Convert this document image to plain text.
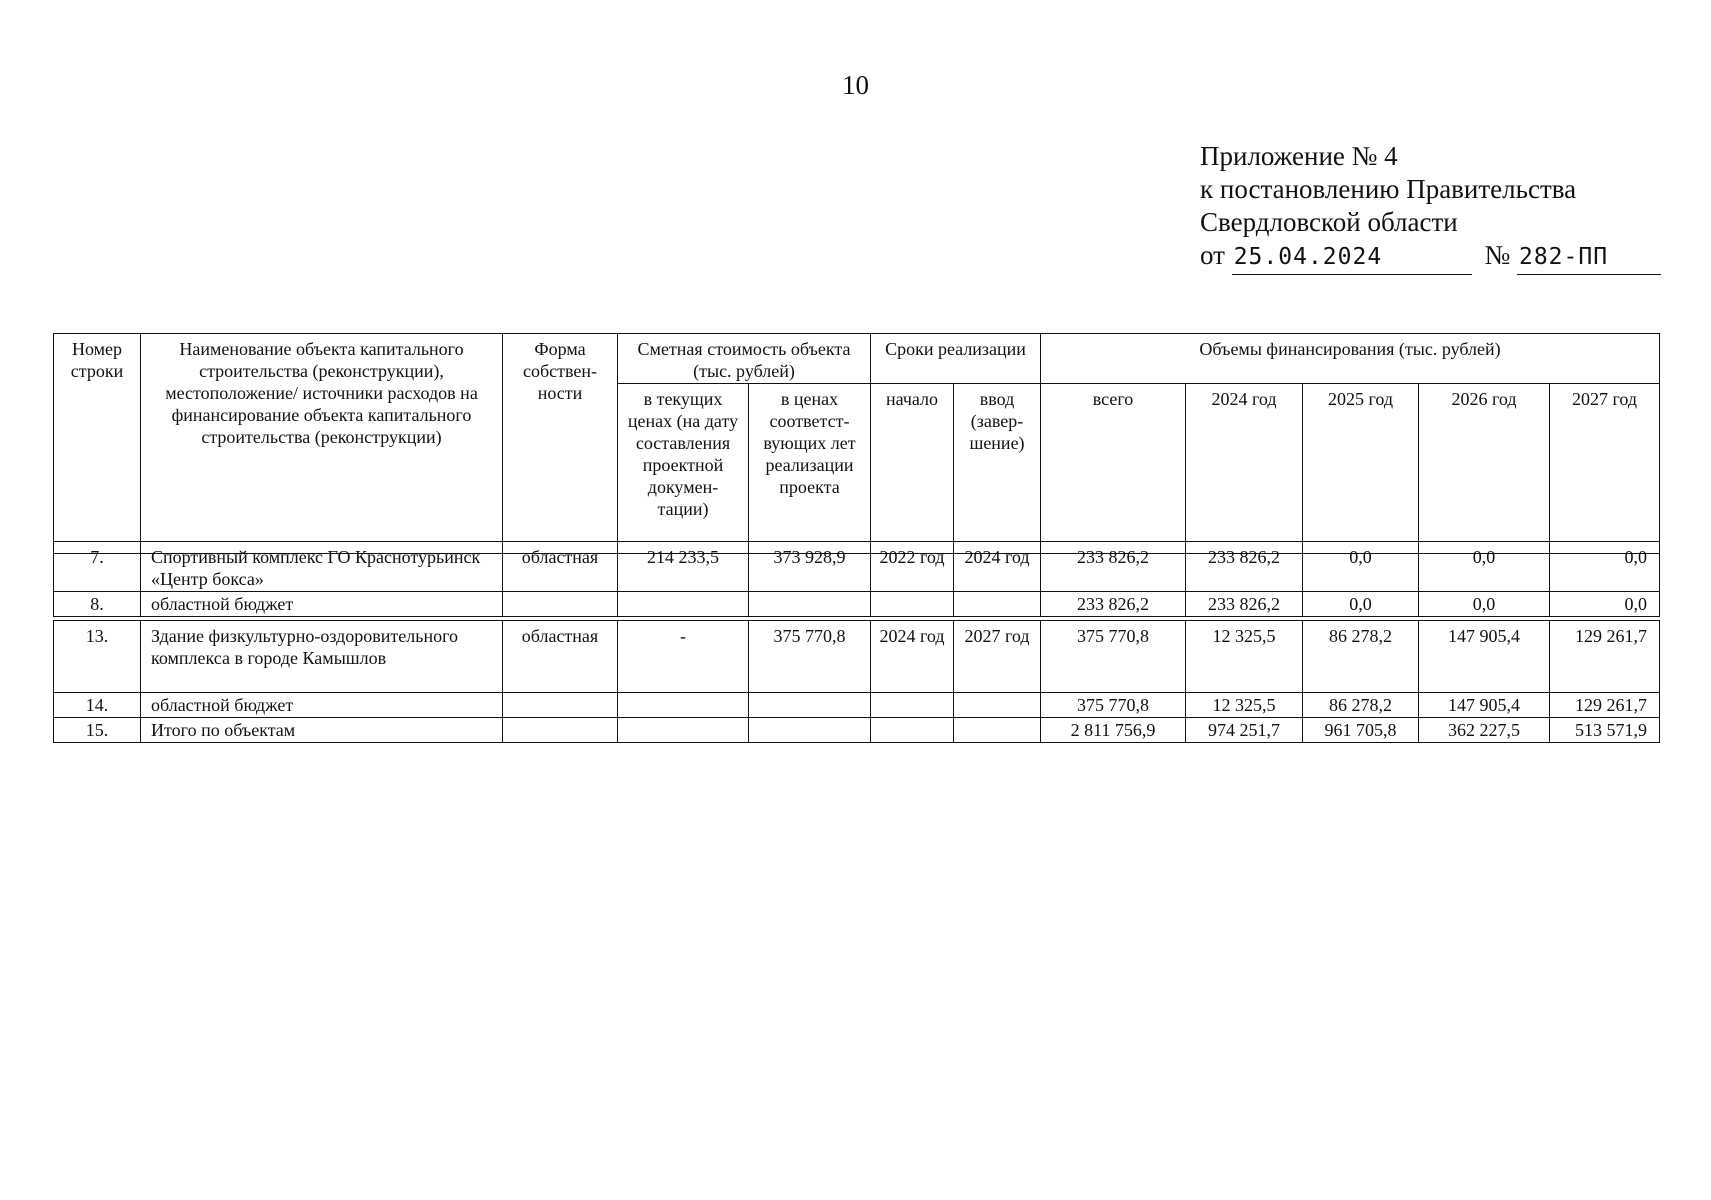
10
Приложение № 4
к постановлению Правительства
Свердловской области
от 25.04.2024	№ 282-ПП
Номер строки	Наименование объекта капитального строительства (реконструкции), местоположение/ источники расходов на финансирование объекта капитального строительства (реконструкции)	Форма собствен- ности	Сметная стоимость объекта (тыс. рублей)		Сроки реализации		Объемы финансирования (тыс. рублей)				
			в текущих ценах (на дату составления проектной докумен- тации)	в ценах соответст- вующих лет реализации проекта	начало	ввод (завер- шение)	всего	2024 год	2025 год	2026 год	2027 год
7.	Спортивный комплекс ГО Краснотурьинск «Центр бокса»	областная	214 233,5	373 928,9	2022 год	2024 год	233 826,2	233 826,2	0,0	0,0	0,0
8.	областной бюджет						233 826,2	233 826,2	0,0	0,0	0,0
13.	Здание физкультурно-оздоровительного комплекса в городе Камышлов	областная	-	375 770,8	2024 год	2027 год	375 770,8	12 325,5	86 278,2	147 905,4	129 261,7
14.	областной бюджет						375 770,8	12 325,5	86 278,2	147 905,4	129 261,7
15.	Итого по объектам						2 811 756,9	974 251,7	961 705,8	362 227,5	513 571,9
